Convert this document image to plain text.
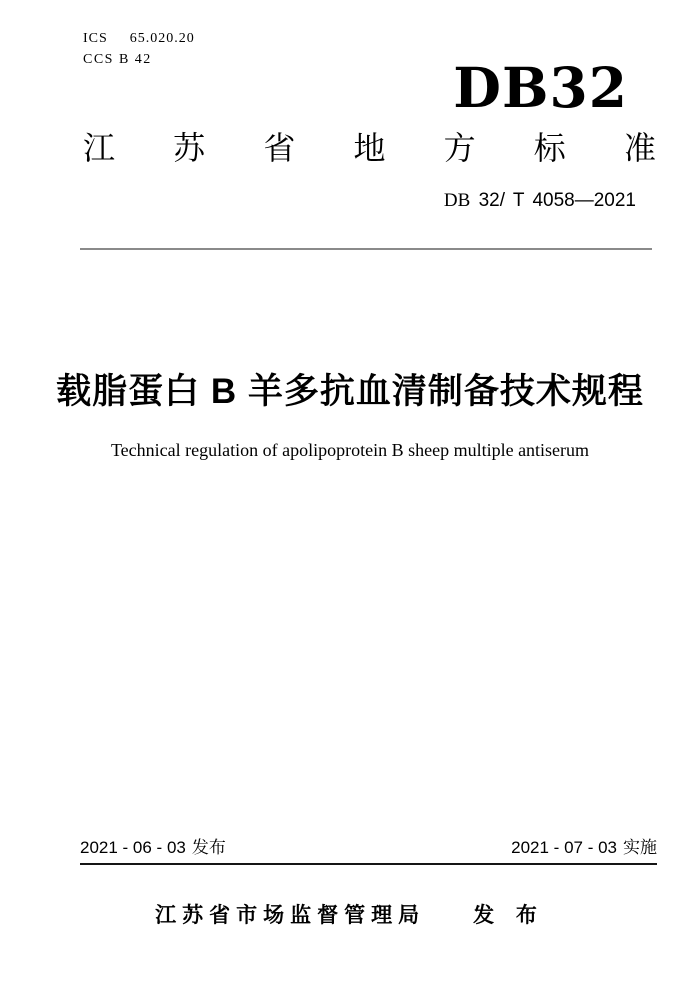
ICS 65.020.20
CCS B 42	DB32
江 苏 省 地 方 标 准
DB 32/ T 4058—2021
载脂蛋白 B 羊多抗血清制备技术规程
Technical regulation of apolipoprotein B sheep multiple antiserum
2021 - 06 - 03 发布	2021 - 07 - 03 实施
江苏省市场监督管理局 发 布
